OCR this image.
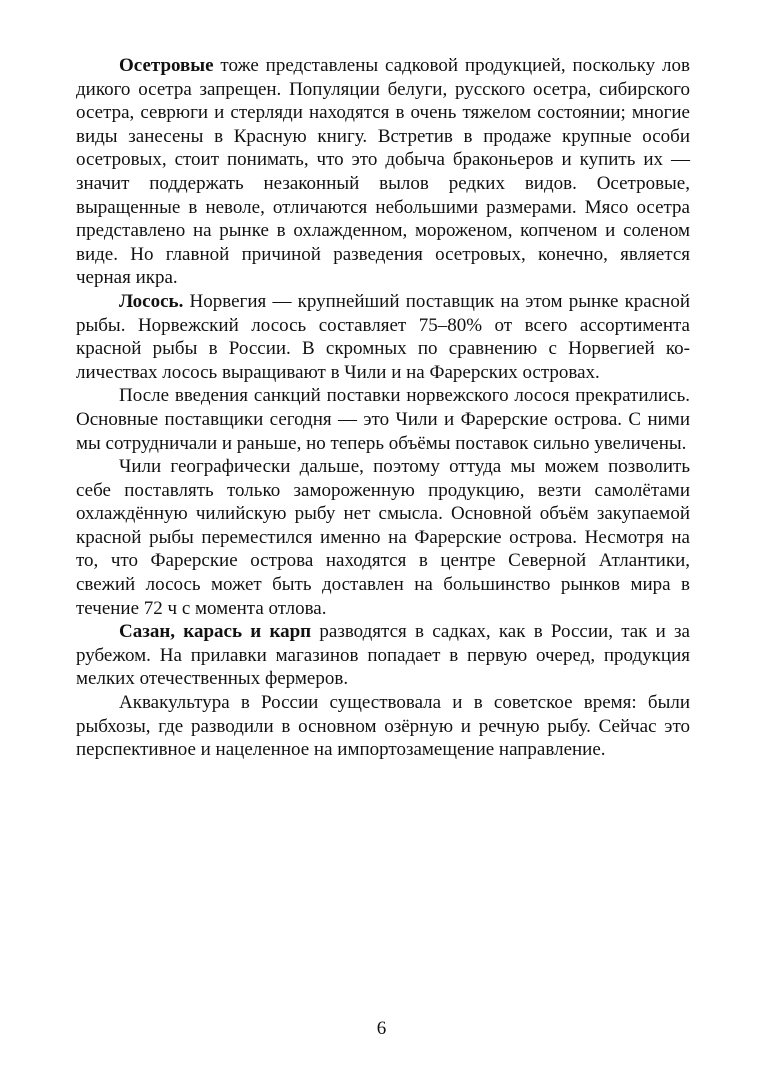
Осетровые тоже представлены садковой продукцией, поскольку лов дикого осетра запрещен. Популяции белуги, русского осетра, сибирского осетра, севрюги и стерляди находятся в очень тяжелом состоянии; многие виды занесены в Красную книгу. Встретив в продаже крупные особи осетровых, стоит понимать, что это добыча браконьеров и купить их — значит поддержать незаконный вылов редких видов. Осетровые, выращенные в неволе, отличаются небольшими размерами. Мясо осетра представлено на рынке в охлажденном, мороженом, копченом и соленом виде. Но главной причиной разведения осетровых, конечно, является черная икра.

Лосось. Норвегия — крупнейший поставщик на этом рынке красной рыбы. Норвежский лосось составляет 75–80% от всего ассортимента красной рыбы в России. В скромных по сравнению с Норвегией количествах лосось выращивают в Чили и на Фарерских островах.

После введения санкций поставки норвежского лосося прекратились. Основные поставщики сегодня — это Чили и Фарерские острова. С ними мы сотрудничали и раньше, но теперь объёмы поставок сильно увеличены.

Чили географически дальше, поэтому оттуда мы можем позволить себе поставлять только замороженную продукцию, везти самолётами охлаждённую чилийскую рыбу нет смысла. Основной объём закупаемой красной рыбы переместился именно на Фарерские острова. Несмотря на то, что Фарерские острова находятся в центре Северной Атлантики, свежий лосось может быть доставлен на большинство рынков мира в течение 72 ч с момента отлова.

Сазан, карась и карп разводятся в садках, как в России, так и за рубежом. На прилавки магазинов попадает в первую очеред, продукция мелких отечественных фермеров.

Аквакультура в России существовала и в советское время: были рыбхозы, где разводили в основном озёрную и речную рыбу. Сейчас это перспективное и нацеленное на импортозамещение направление.

6
